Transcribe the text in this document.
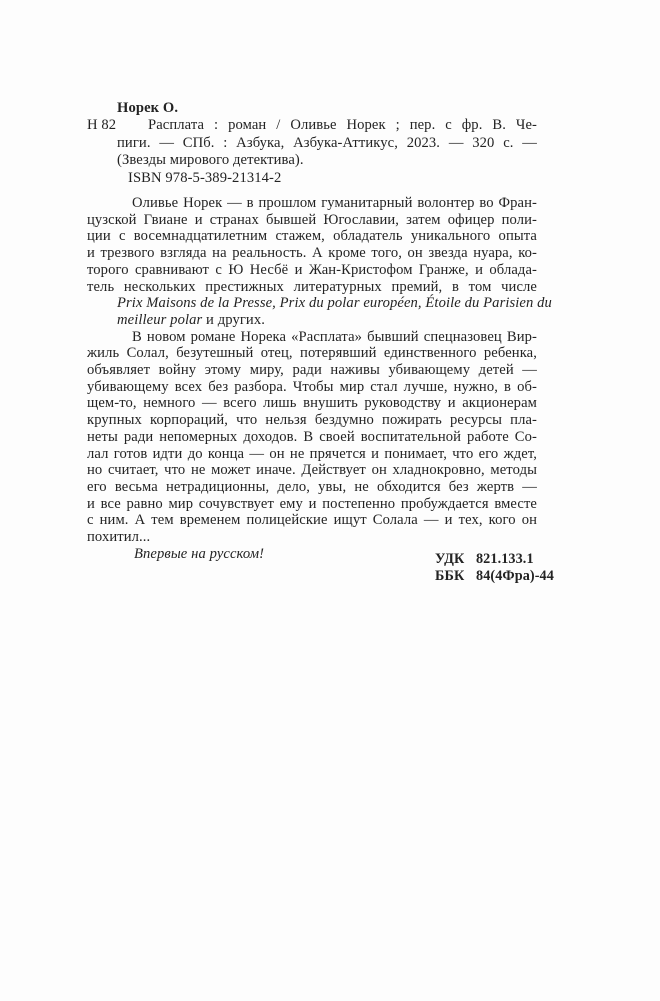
Норек О.
Н 82	Расплата : роман / Оливье Норек ; пер. с фр. В. Че-
пиги. — СПб. : Азбука, Азбука-Аттикус, 2023. — 320 с. —
(Звезды мирового детектива).
ISBN 978-5-389-21314-2
Оливье Норек — в прошлом гуманитарный волонтер во Фран-
цузской Гвиане и странах бывшей Югославии, затем офицер поли-
ции с восемнадцатилетним стажем, обладатель уникального опыта
и трезвого взгляда на реальность. А кроме того, он звезда нуара, ко-
торого сравнивают с Ю Несбё и Жан-Кристофом Гранже, и облада-
тель нескольких престижных литературных премий, в том числе
Prix Maisons de la Presse, Prix du polar européen, Étoile du Parisien du
meilleur polar и других.
В новом романе Норека «Расплата» бывший спецназовец Вир-
жиль Солал, безутешный отец, потерявший единственного ребенка,
объявляет войну этому миру, ради наживы убивающему детей —
убивающему всех без разбора. Чтобы мир стал лучше, нужно, в об-
щем-то, немного — всего лишь внушить руководству и акционерам
крупных корпораций, что нельзя бездумно пожирать ресурсы пла-
неты ради непомерных доходов. В своей воспитательной работе Со-
лал готов идти до конца — он не прячется и понимает, что его ждет,
но считает, что не может иначе. Действует он хладнокровно, методы
его весьма нетрадиционны, дело, увы, не обходится без жертв —
и все равно мир сочувствует ему и постепенно пробуждается вместе
с ним. А тем временем полицейские ищут Солала — и тех, кого он
похитил...
Впервые на русском!	УДК 821.133.1
ББК 84(4Фра)-44
